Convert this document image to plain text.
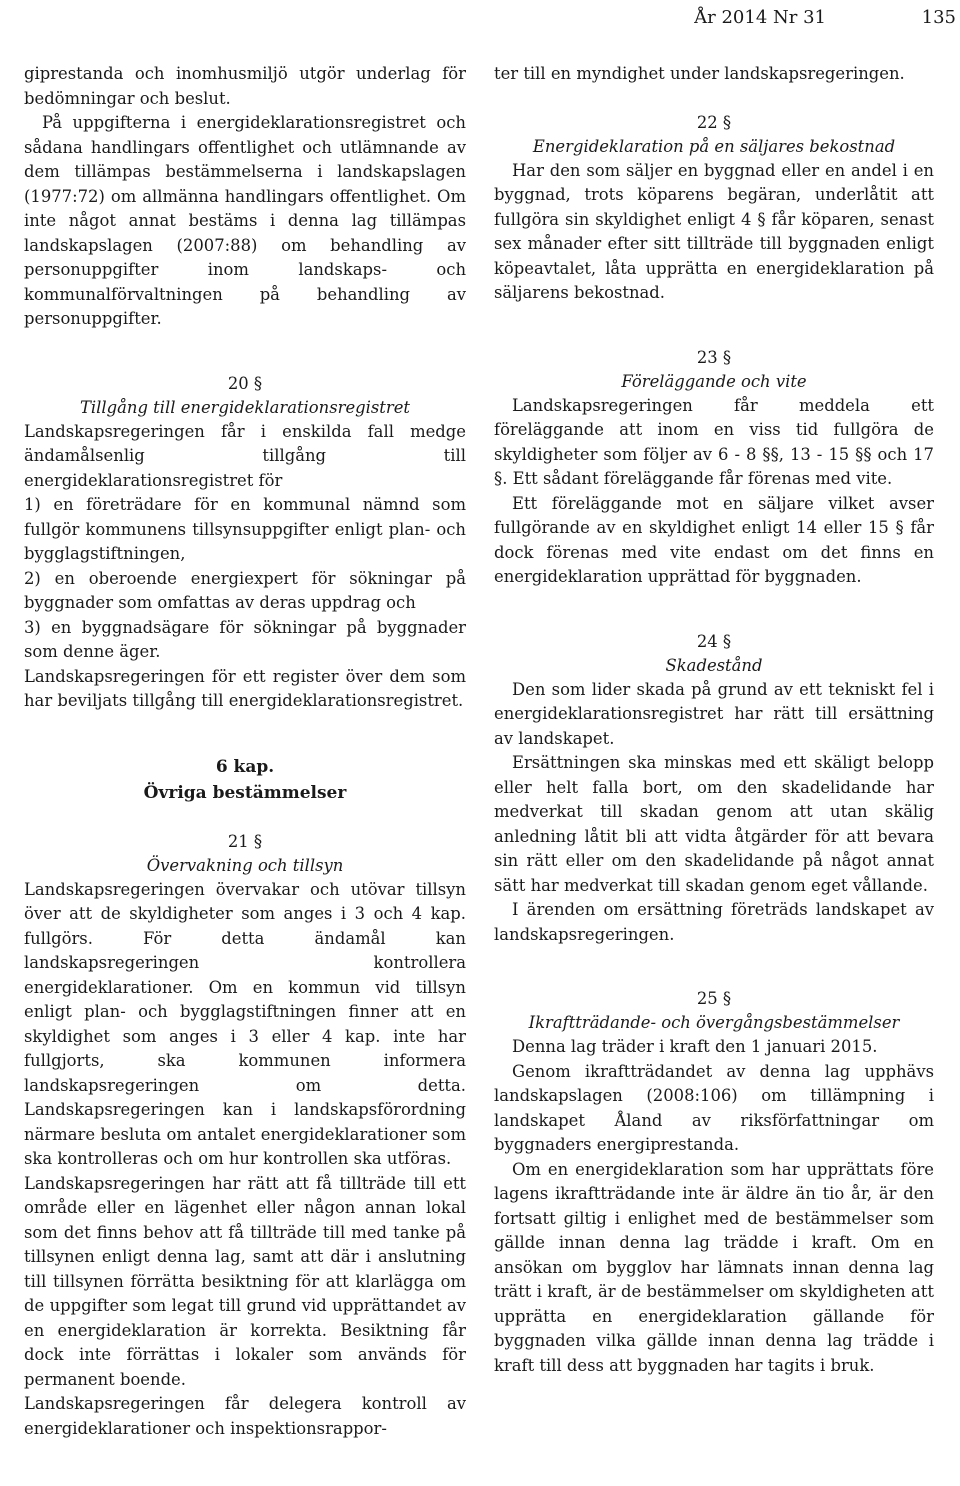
År 2014 Nr 31	135

giprestanda och inomhusmiljö utgör underlag för bedömningar och beslut.

På uppgifterna i energideklarationsregistret och sådana handlingars offentlighet och utlämnande av dem tillämpas bestämmelserna i landskapslagen (1977:72) om allmänna handlingars offentlighet. Om inte något annat bestäms i denna lag tillämpas landskapslagen (2007:88) om behandling av personuppgifter inom landskaps- och kommunalförvaltningen på behandling av personuppgifter.

20 §
Tillgång till energideklarationsregistret

Landskapsregeringen får i enskilda fall medge ändamålsenlig tillgång till energideklarationsregistret för

1) en företrädare för en kommunal nämnd som fullgör kommunens tillsynsuppgifter enligt plan- och bygglagstiftningen,

2) en oberoende energiexpert för sökningar på byggnader som omfattas av deras uppdrag och

3) en byggnadsägare för sökningar på byggnader som denne äger.

Landskapsregeringen för ett register över dem som har beviljats tillgång till energideklarationsregistret.

6 kap.
Övriga bestämmelser
21 §
Övervakning och tillsyn

Landskapsregeringen övervakar och utövar tillsyn över att de skyldigheter som anges i 3 och 4 kap. fullgörs. För detta ändamål kan landskapsregeringen kontrollera energideklarationer. Om en kommun vid tillsyn enligt plan- och bygglagstiftningen finner att en skyldighet som anges i 3 eller 4 kap. inte har fullgjorts, ska kommunen informera landskapsregeringen om detta. Landskapsregeringen kan i landskapsförordning närmare besluta om antalet energideklarationer som ska kontrolleras och om hur kontrollen ska utföras.

Landskapsregeringen har rätt att få tillträde till ett område eller en lägenhet eller någon annan lokal som det finns behov att få tillträde till med tanke på tillsynen enligt denna lag, samt att där i anslutning till tillsynen förrätta besiktning för att klarlägga om de uppgifter som legat till grund vid upprättandet av en energideklaration är korrekta. Besiktning får dock inte förrättas i lokaler som används för permanent boende.

Landskapsregeringen får delegera kontroll av energideklarationer och inspektionsrappor-

ter till en myndighet under landskapsregeringen.

22 §
Energideklaration på en säljares bekostnad

Har den som säljer en byggnad eller en andel i en byggnad, trots köparens begäran, underlåtit att fullgöra sin skyldighet enligt 4 § får köparen, senast sex månader efter sitt tillträde till byggnaden enligt köpeavtalet, låta upprätta en energideklaration på säljarens bekostnad.

23 §
Föreläggande och vite

Landskapsregeringen får meddela ett föreläggande att inom en viss tid fullgöra de skyldigheter som följer av 6 - 8 §§, 13 - 15 §§ och 17 §. Ett sådant föreläggande får förenas med vite.

Ett föreläggande mot en säljare vilket avser fullgörande av en skyldighet enligt 14 eller 15 § får dock förenas med vite endast om det finns en energideklaration upprättad för byggnaden.

24 §
Skadestånd

Den som lider skada på grund av ett tekniskt fel i energideklarationsregistret har rätt till ersättning av landskapet.

Ersättningen ska minskas med ett skäligt belopp eller helt falla bort, om den skadelidande har medverkat till skadan genom att utan skälig anledning låtit bli att vidta åtgärder för att bevara sin rätt eller om den skadelidande på något annat sätt har medverkat till skadan genom eget vållande.

I ärenden om ersättning företräds landskapet av landskapsregeringen.

25 §
Ikraftträdande- och övergångsbestämmelser

Denna lag träder i kraft den 1 januari 2015.

Genom ikraftträdandet av denna lag upphävs landskapslagen (2008:106) om tillämpning i landskapet Åland av riksförfattningar om byggnaders energiprestanda.

Om en energideklaration som har upprättats före lagens ikraftträdande inte är äldre än tio år, är den fortsatt giltig i enlighet med de bestämmelser som gällde innan denna lag trädde i kraft. Om en ansökan om bygglov har lämnats innan denna lag trätt i kraft, är de bestämmelser om skyldigheten att upprätta en energideklaration gällande för byggnaden vilka gällde innan denna lag trädde i kraft till dess att byggnaden har tagits i bruk.
